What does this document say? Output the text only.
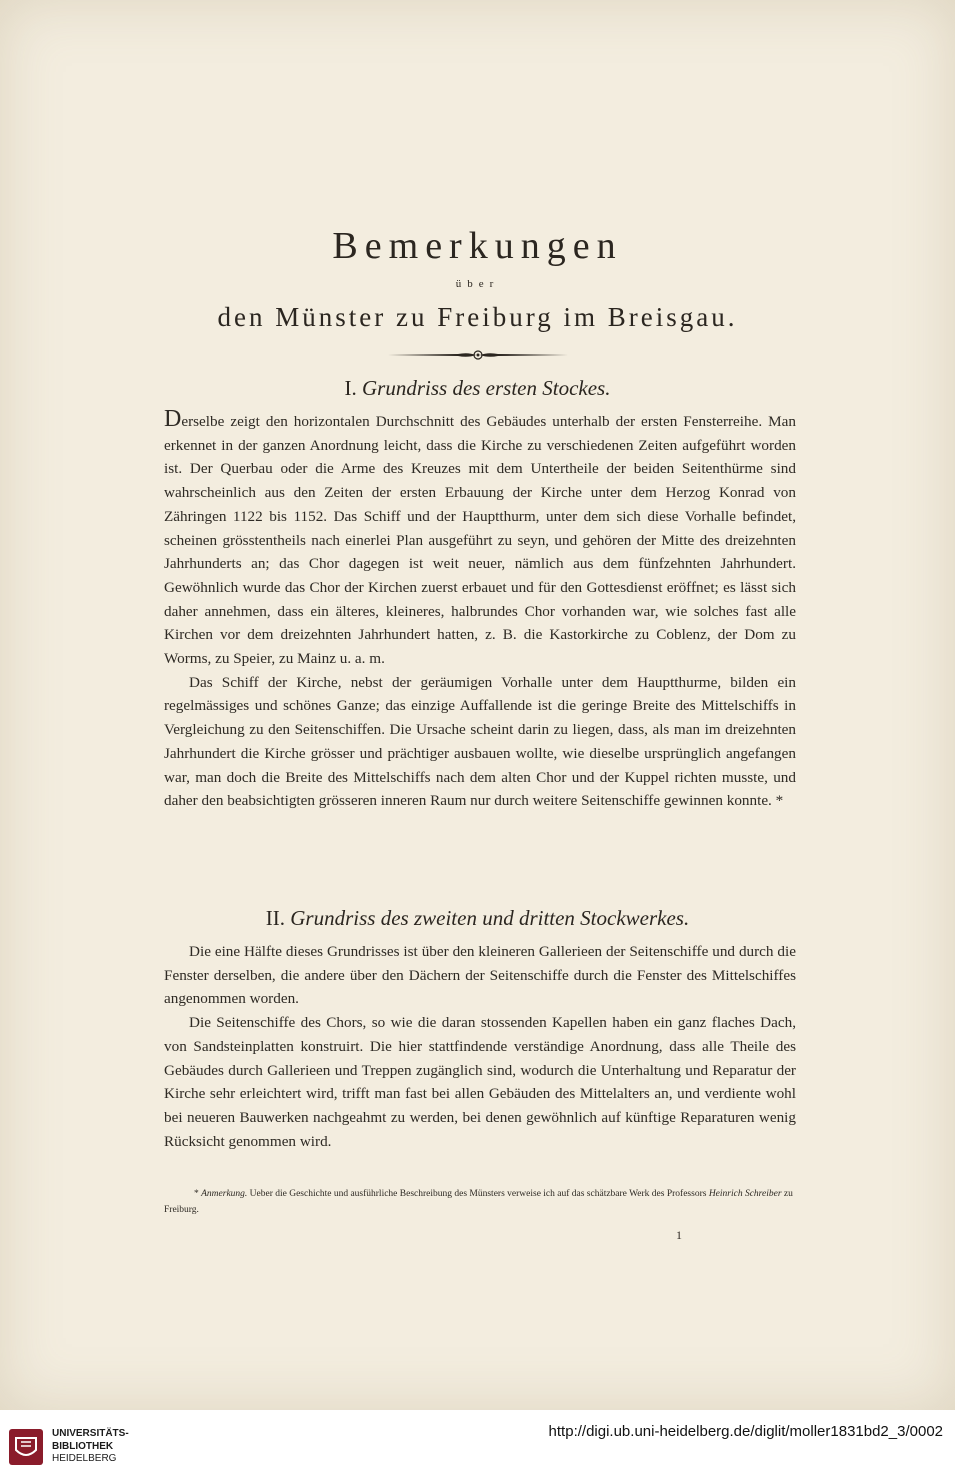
Bemerkungen
über
den Münster zu Freiburg im Breisgau.
I. Grundriss des ersten Stockes.

Derselbe zeigt den horizontalen Durchschnitt des Gebäudes unterhalb der ersten Fensterreihe. Man erkennet in der ganzen Anordnung leicht, dass die Kirche zu verschiedenen Zeiten aufgeführt worden ist. Der Querbau oder die Arme des Kreuzes mit dem Untertheile der beiden Seitenthürme sind wahrscheinlich aus den Zeiten der ersten Erbauung der Kirche unter dem Herzog Konrad von Zähringen 1122 bis 1152. Das Schiff und der Hauptthurm, unter dem sich diese Vorhalle befindet, scheinen grösstentheils nach einerlei Plan ausgeführt zu seyn, und gehören der Mitte des dreizehnten Jahrhunderts an; das Chor dagegen ist weit neuer, nämlich aus dem fünfzehnten Jahrhundert. Gewöhnlich wurde das Chor der Kirchen zuerst erbauet und für den Gottesdienst eröffnet; es lässt sich daher annehmen, dass ein älteres, kleineres, halbrundes Chor vorhanden war, wie solches fast alle Kirchen vor dem dreizehnten Jahrhundert hatten, z. B. die Kastorkirche zu Coblenz, der Dom zu Worms, zu Speier, zu Mainz u. a. m.

Das Schiff der Kirche, nebst der geräumigen Vorhalle unter dem Hauptthurme, bilden ein regelmässiges und schönes Ganze; das einzige Auffallende ist die geringe Breite des Mittelschiffs in Vergleichung zu den Seitenschiffen. Die Ursache scheint darin zu liegen, dass, als man im dreizehnten Jahrhundert die Kirche grösser und prächtiger ausbauen wollte, wie dieselbe ursprünglich angefangen war, man doch die Breite des Mittelschiffs nach dem alten Chor und der Kuppel richten musste, und daher den beabsichtigten grösseren inneren Raum nur durch weitere Seitenschiffe gewinnen konnte. *

II. Grundriss des zweiten und dritten Stockwerkes.

Die eine Hälfte dieses Grundrisses ist über den kleineren Gallerieen der Seitenschiffe und durch die Fenster derselben, die andere über den Dächern der Seitenschiffe durch die Fenster des Mittelschiffes angenommen worden.

Die Seitenschiffe des Chors, so wie die daran stossenden Kapellen haben ein ganz flaches Dach, von Sandsteinplatten konstruirt. Die hier stattfindende verständige Anordnung, dass alle Theile des Gebäudes durch Gallerieen und Treppen zugänglich sind, wodurch die Unterhaltung und Reparatur der Kirche sehr erleichtert wird, trifft man fast bei allen Gebäuden des Mittelalters an, und verdiente wohl bei neueren Bauwerken nachgeahmt zu werden, bei denen gewöhnlich auf künftige Reparaturen wenig Rücksicht genommen wird.

* Anmerkung. Ueber die Geschichte und ausführliche Beschreibung des Münsters verweise ich auf das schätzbare Werk des Professors Heinrich Schreiber zu Freiburg.

1
UNIVERSITÄTS-
BIBLIOTHEK
HEIDELBERG
http://digi.ub.uni-heidelberg.de/diglit/moller1831bd2_3/0002
